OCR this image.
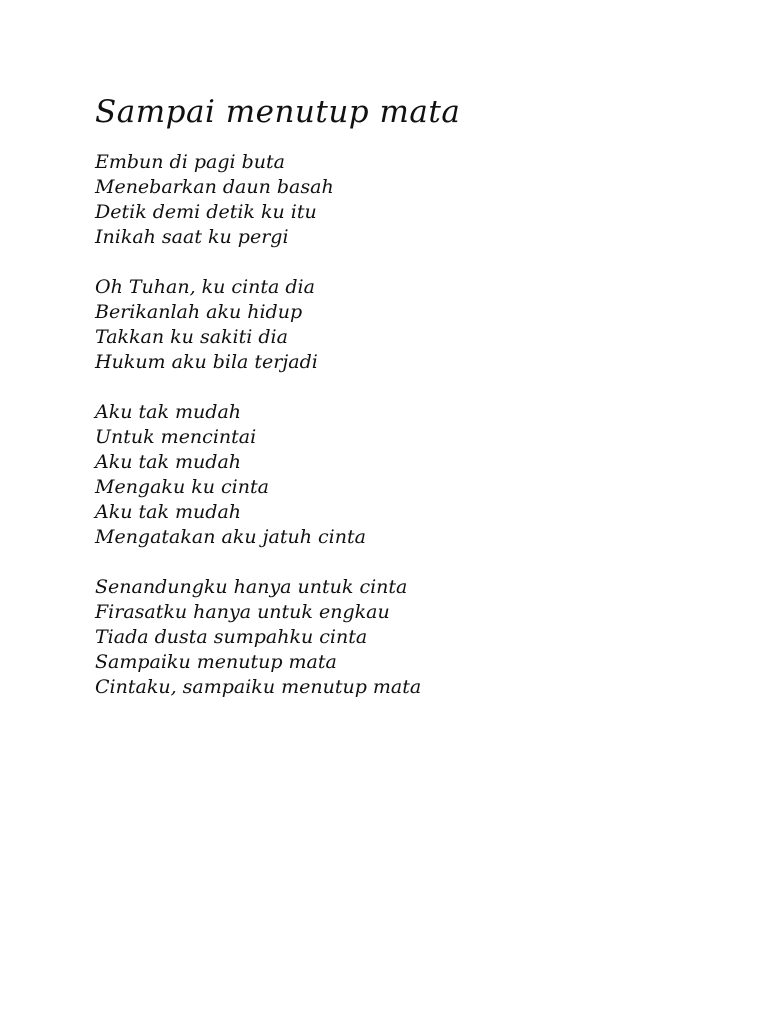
Sampai menutup mata
Embun di pagi buta
Menebarkan daun basah
Detik demi detik ku itu
Inikah saat ku pergi
Oh Tuhan, ku cinta dia
Berikanlah aku hidup
Takkan ku sakiti dia
Hukum aku bila terjadi
Aku tak mudah
Untuk mencintai
Aku tak mudah
Mengaku ku cinta
Aku tak mudah
Mengatakan aku jatuh cinta
Senandungku hanya untuk cinta
Firasatku hanya untuk engkau
Tiada dusta sumpahku cinta
Sampaiku menutup mata
Cintaku, sampaiku menutup mata
